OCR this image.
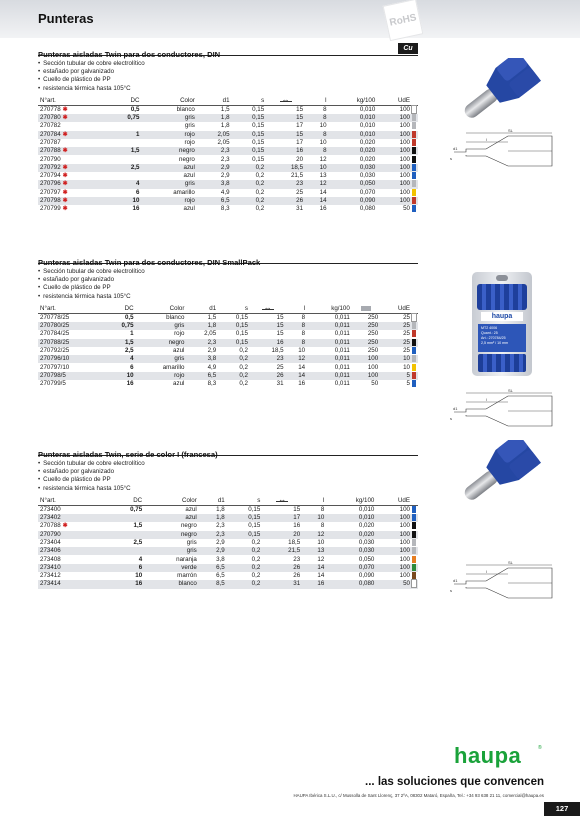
Punteras	RoHS
Punteras aisladas Twin para dos conductores, DIN
Cu
• Sección tubular de cobre electrolítico
• estañado por galvanizado
• Cuello de plástico de PP
• resistencia térmica hasta 105°C
N°art.	DC	Color	d1	s	↔	l	kg/100	UdE	
270778 ✱	0,5	blanco	1,5	0,15	15	8	0,010	100	
270780 ✱	0,75	gris	1,8	0,15	15	8	0,010	100	
270782		gris	1,8	0,15	17	10	0,010	100	
270784 ✱	1	rojo	2,05	0,15	15	8	0,010	100	
270787		rojo	2,05	0,15	17	10	0,020	100	
270788 ✱	1,5	negro	2,3	0,15	16	8	0,020	100	
270790		negro	2,3	0,15	20	12	0,020	100	
270792 ✱	2,5	azul	2,9	0,2	18,5	10	0,030	100	
270794 ✱		azul	2,9	0,2	21,5	13	0,030	100	
270796 ✱	4	gris	3,8	0,2	23	12	0,050	100	
270797 ✱	6	amarillo	4,9	0,2	25	14	0,070	100	
270798 ✱	10	rojo	6,5	0,2	26	14	0,090	100	
270799 ✱	16	azul	8,3	0,2	31	16	0,080	50	
Punteras aisladas Twin para dos conductores, DIN SmallPack
• Sección tubular de cobre electrolítico
• estañado por galvanizado
• Cuello de plástico de PP
• resistencia térmica hasta 105°C
N°art.	DC	Color	d1	s	↔	l	kg/100		UdE	
270778/25	0,5	blanco	1,5	0,15	15	8	0,011	250	25	
270780/25	0,75	gris	1,8	0,15	15	8	0,011	250	25	
270784/25	1	rojo	2,05	0,15	15	8	0,011	250	25	
270788/25	1,5	negro	2,3	0,15	16	8	0,011	250	25	
270792/25	2,5	azul	2,9	0,2	18,5	10	0,011	250	25	
270796/10	4	gris	3,8	0,2	23	12	0,011	100	10	
270797/10	6	amarillo	4,9	0,2	25	14	0,011	100	10	
270798/5	10	rojo	6,5	0,2	26	14	0,011	100	5	
270799/5	16	azul	8,3	0,2	31	16	0,011	50	5	
Punteras aisladas Twin, serie de color I (francesa)
• Sección tubular de cobre electrolítico
• estañado por galvanizado
• Cuello de plástico de PP
• resistencia térmica hasta 105°C
N°art.	DC	Color	d1	s	↔	l	kg/100	UdE	
273400	0,75	azul	1,8	0,15	15	8	0,010	100	
273402		azul	1,8	0,15	17	10	0,010	100	
270788 ✱	1,5	negro	2,3	0,15	16	8	0,020	100	
270790		negro	2,3	0,15	20	12	0,020	100	
273404	2,5	gris	2,9	0,2	18,5	10	0,030	100	
273406		gris	2,9	0,2	21,5	13	0,030	100	
273408	4	naranja	3,8	0,2	23	12	0,050	100	
273410	6	verde	6,5	0,2	26	14	0,070	100	
273412	10	marrón	6,5	0,2	26	14	0,090	100	
273414	16	blanco	8,5	0,2	31	16	0,080	50	
SL
l
d1
s
haupa
MT2 4006
Quant.: 25
Art.: 270784/25
2,5 mm² / 10 mm
SL
l
d1
s
SL
l
d1
s
haupa	®
... las soluciones que convencen
HAUPA Ibérica S.L.U., c/ Mussolla de Sant Llorenç, 37 2ºA, 08302 Mataró, España, Tel.: +34 93 638 21 11, comercial@haupa.es
127
